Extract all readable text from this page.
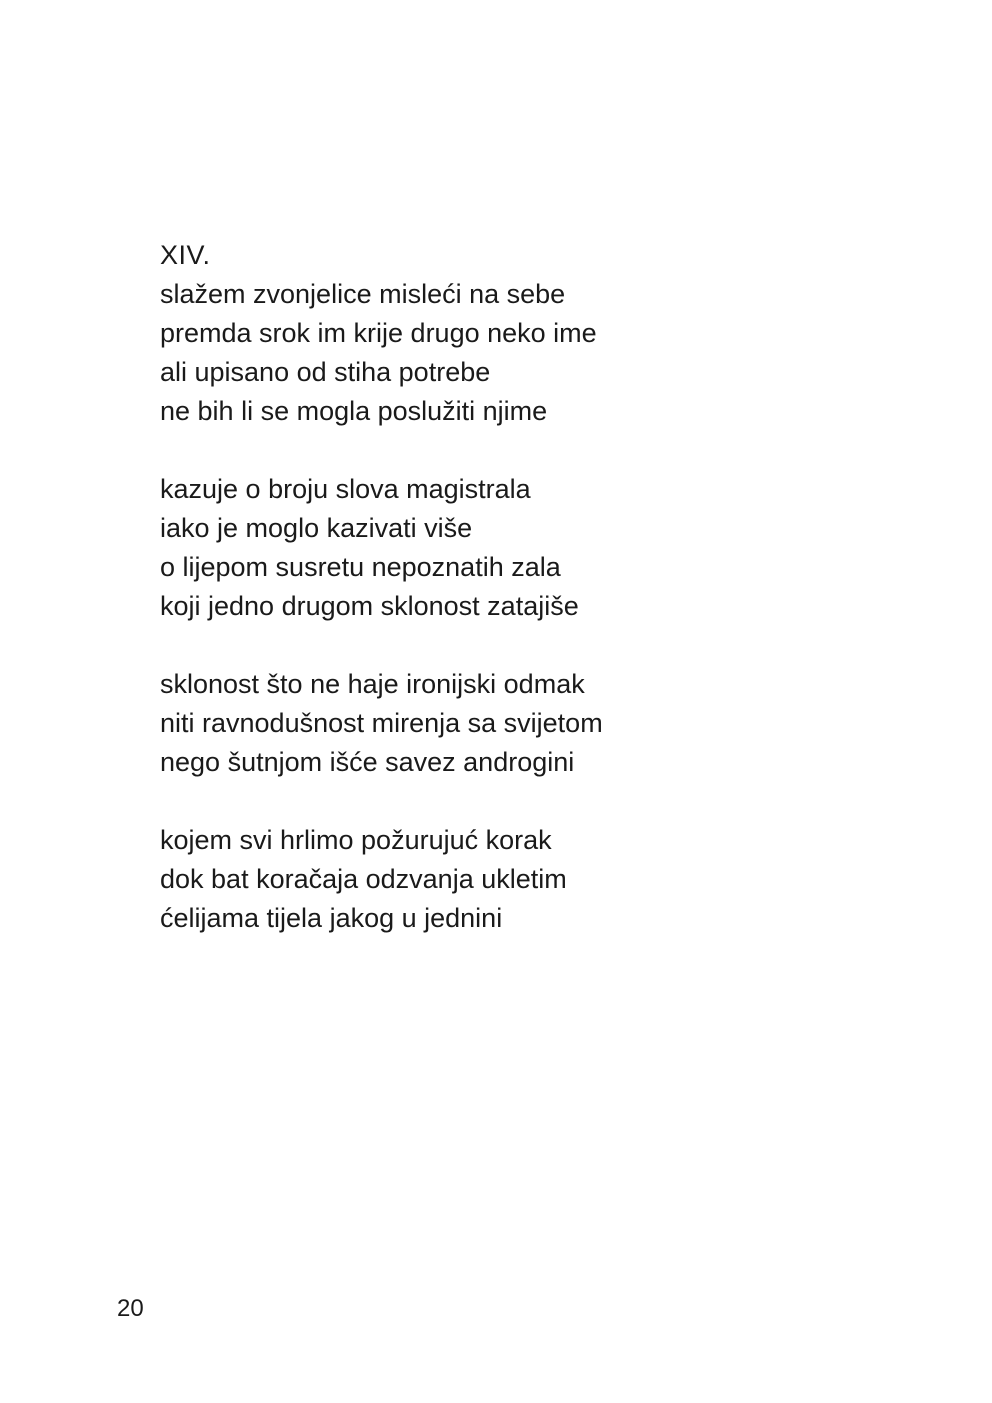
XIV.
slažem zvonjelice misleći na sebe
premda srok im krije drugo neko ime
ali upisano od stiha potrebe
ne bih li se mogla poslužiti njime
kazuje o broju slova magistrala
iako je moglo kazivati više
o lijepom susretu nepoznatih zala
koji jedno drugom sklonost zatajiše
sklonost što ne haje ironijski odmak
niti ravnodušnost mirenja sa svijetom
nego šutnjom išće savez androgini
kojem svi hrlimo požurujuć korak
dok bat koračaja odzvanja ukletim
ćelijama tijela jakog u jednini
20
